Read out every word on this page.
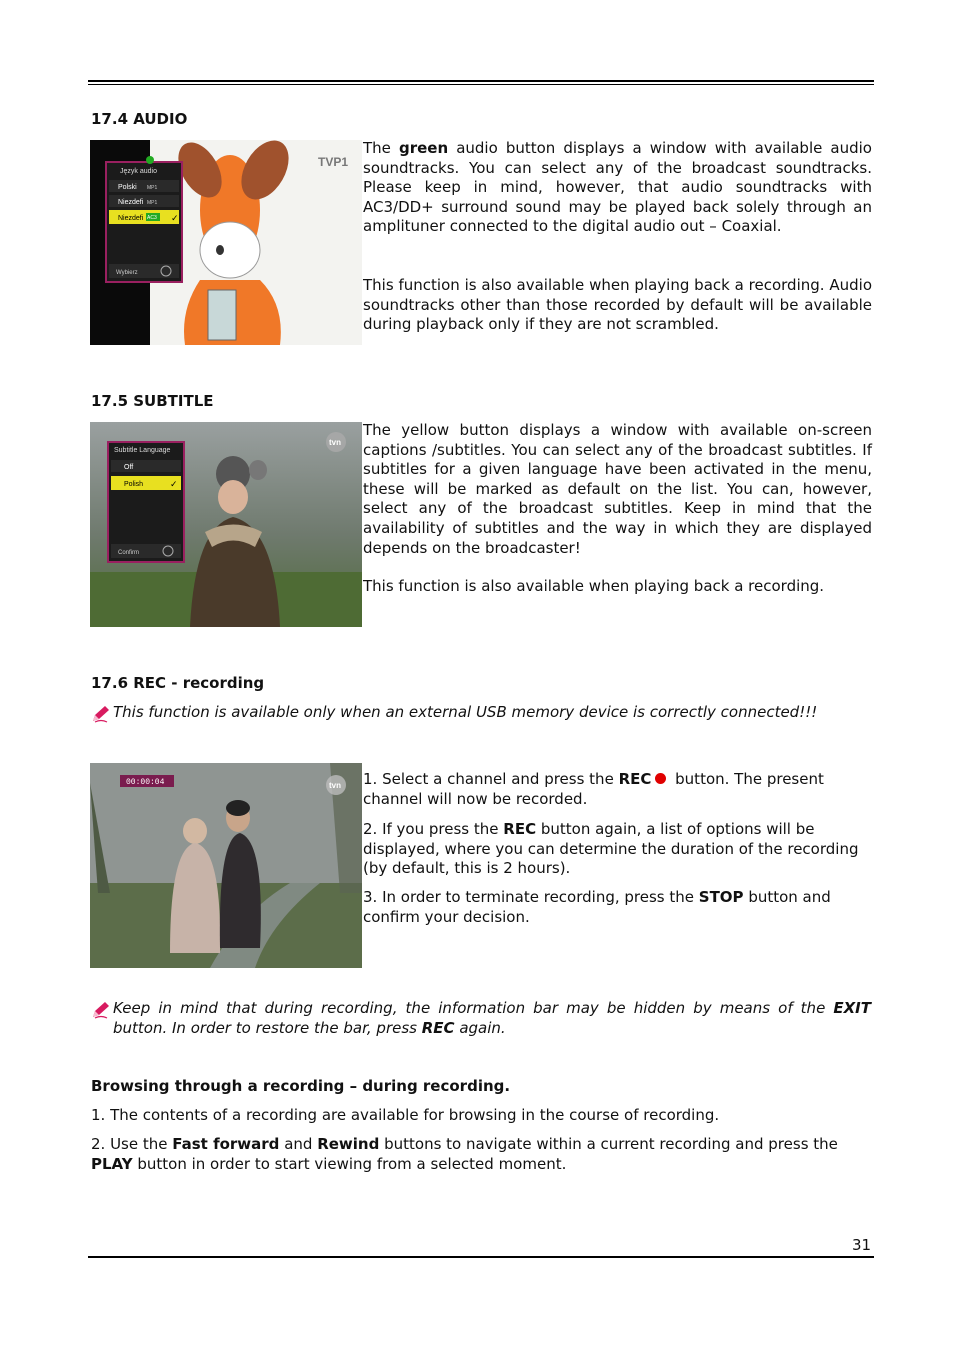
17.4 AUDIO
TVP1
Język audio
Polski MP1
Niezdefi MP1
Niezdefi AC3 ✓
Wybierz

The green audio button displays a window with available audio soundtracks. You can select any of the broadcast soundtracks. Please keep in mind, however, that audio soundtracks with AC3/DD+ surround sound may be played back solely through an amplituner connected to the digital audio out – Coaxial.

This function is also available when playing back a recording. Audio soundtracks other than those recorded by default will be available during playback only if they are not scrambled.

17.5 SUBTITLE
tvn
Subtitle Language
Off
Polish	✓
Confirm

The yellow button displays a window with available on-screen captions /subtitles. You can select any of the broadcast subtitles. If subtitles for a given language have been activated in the menu, these will be marked as default on the list. You can, however, select any of the broadcast subtitles. Keep in mind that the availability of subtitles and the way in which they are displayed depends on the broadcaster!

This function is also available when playing back a recording.

17.6 REC - recording

This function is available only when an external USB memory device is correctly connected!!!

00:00:04	tvn 1. Select a channel and press the REC button. The present channel will now be recorded.

2. If you press the REC button again, a list of options will be displayed, where you can determine the duration of the recording (by default, this is 2 hours).

3. In order to terminate recording, press the STOP button and confirm your decision.

Keep in mind that during recording, the information bar may be hidden by means of the EXIT button. In order to restore the bar, press REC again.

Browsing through a recording – during recording.

1. The contents of a recording are available for browsing in the course of recording.

2. Use the Fast forward and Rewind buttons to navigate within a current recording and press the PLAY button in order to start viewing from a selected moment.

31
